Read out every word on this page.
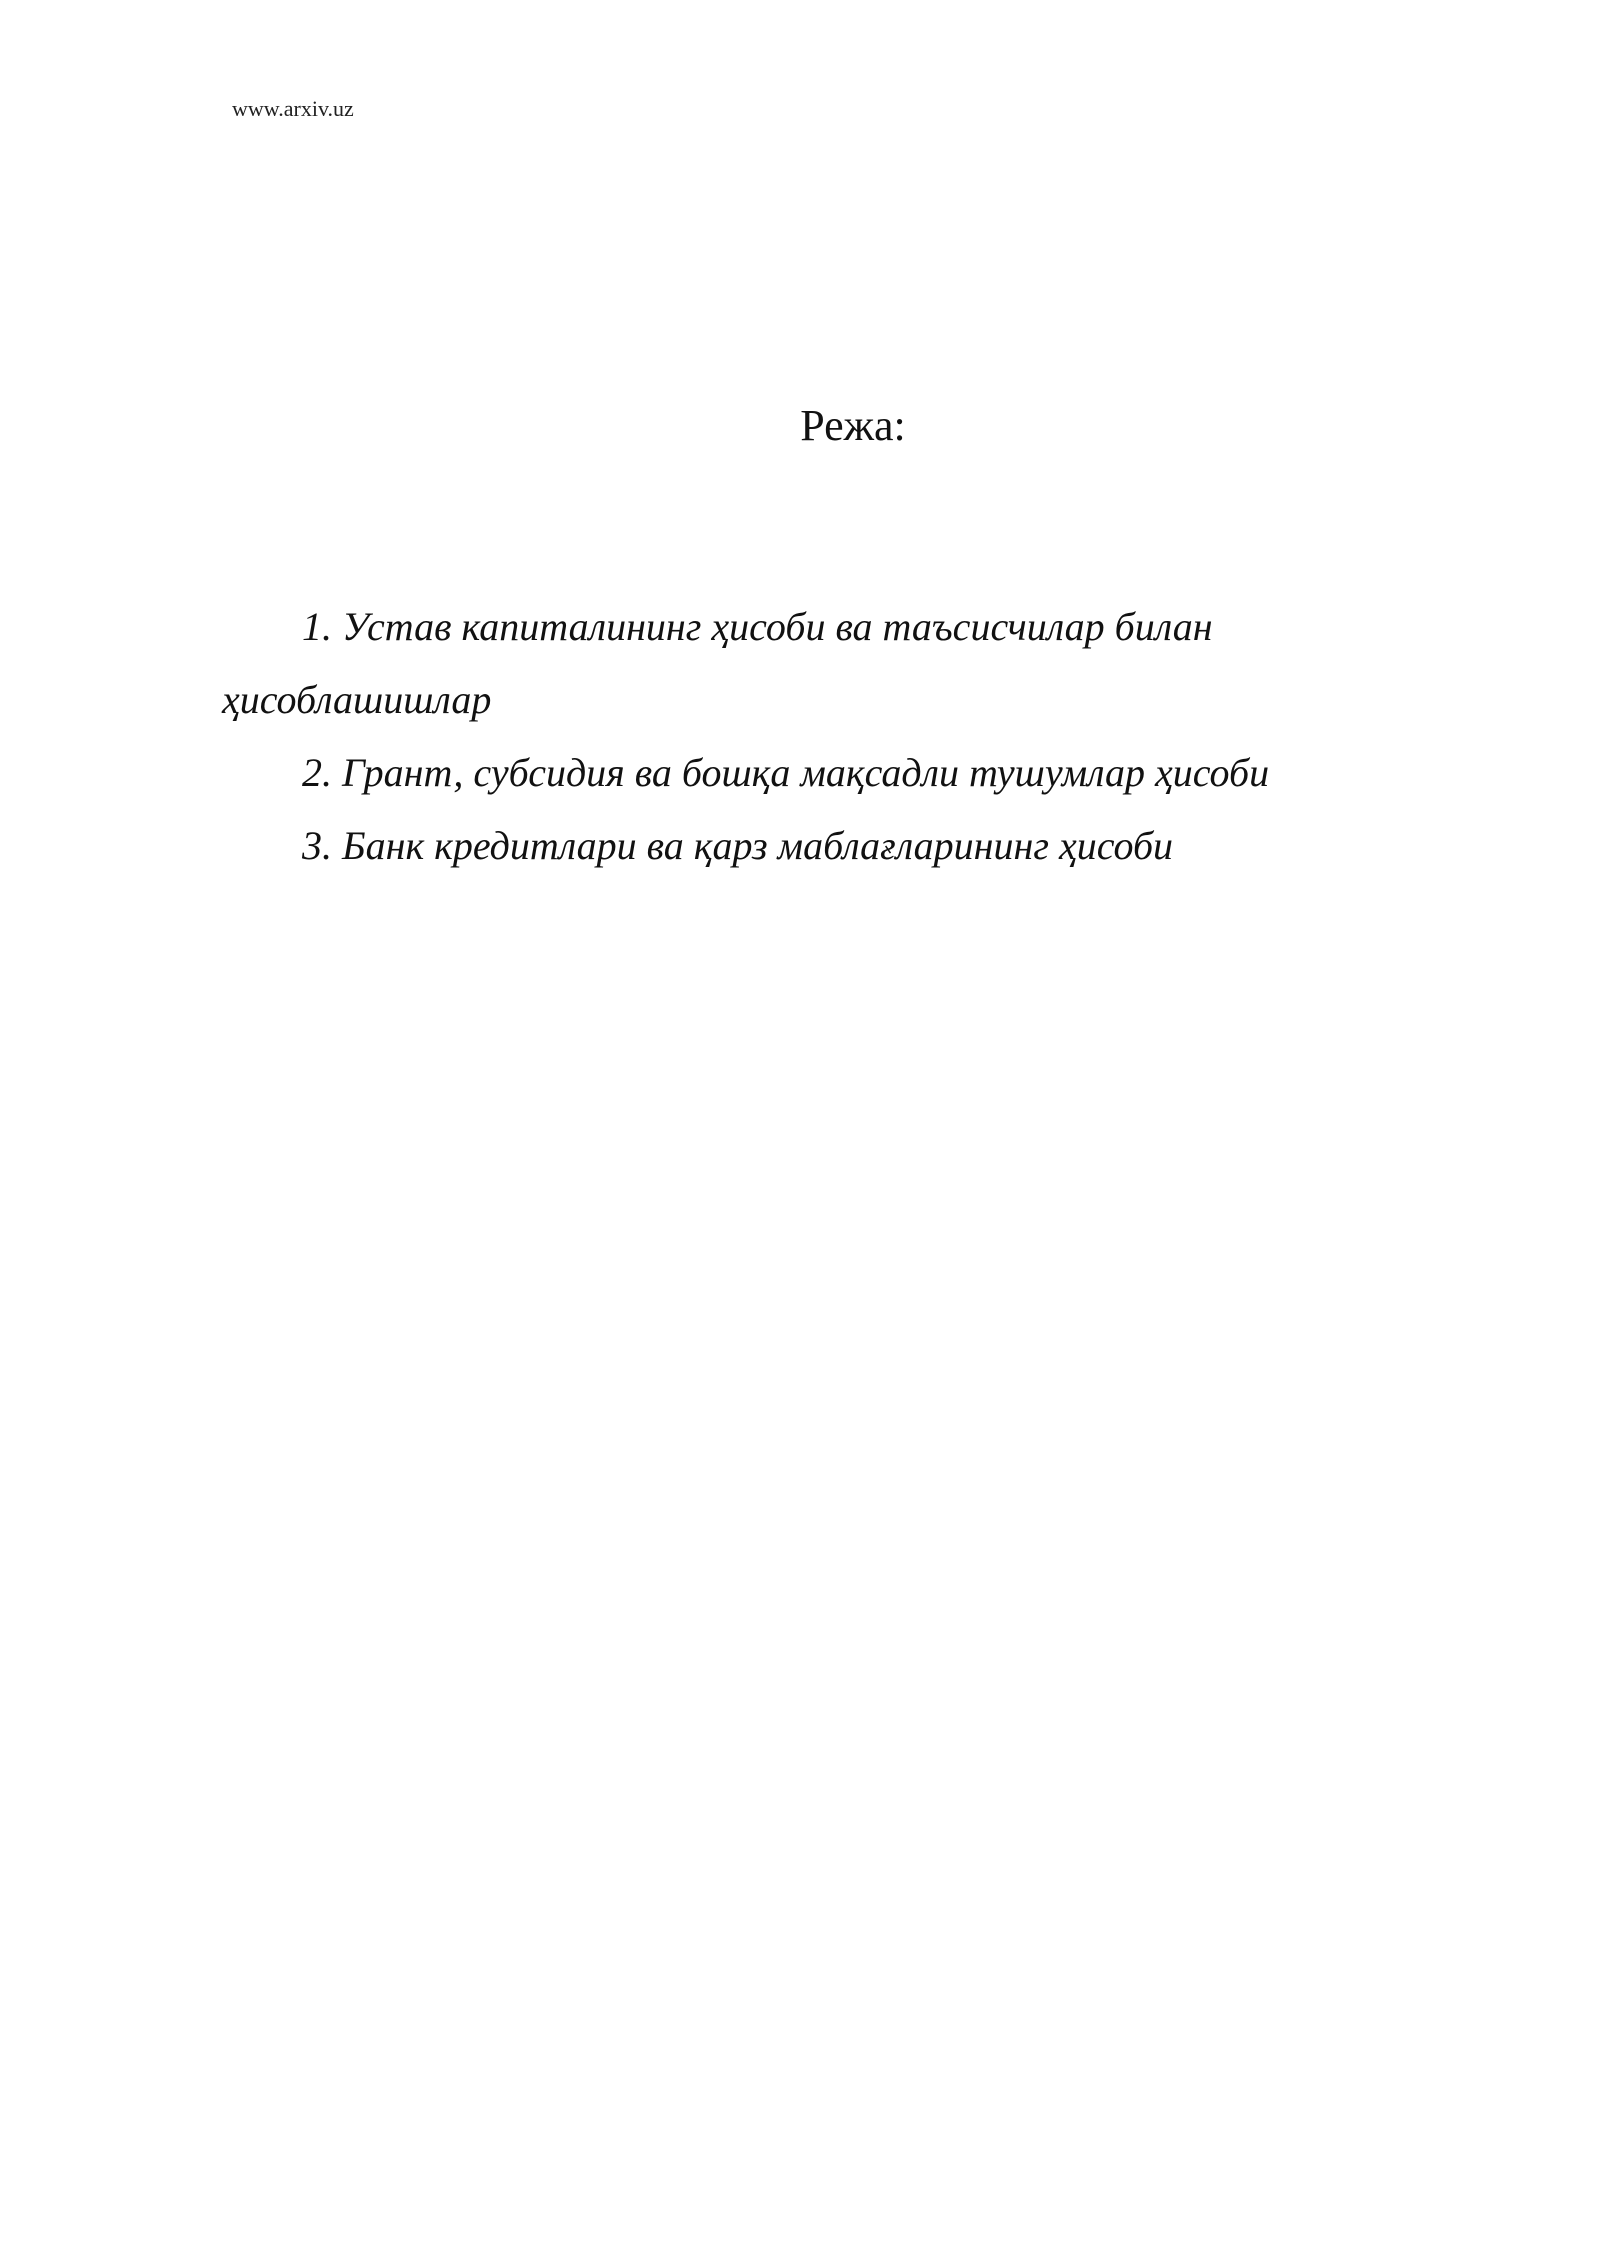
www.arxiv.uz
Режа:
1. Устав капиталининг ҳисоби ва таъсисчилар билан ҳисоблашишлар
2. Грант, субсидия ва бошқа мақсадли тушумлар ҳисоби
3. Банк кредитлари ва қарз маблағларининг ҳисоби
